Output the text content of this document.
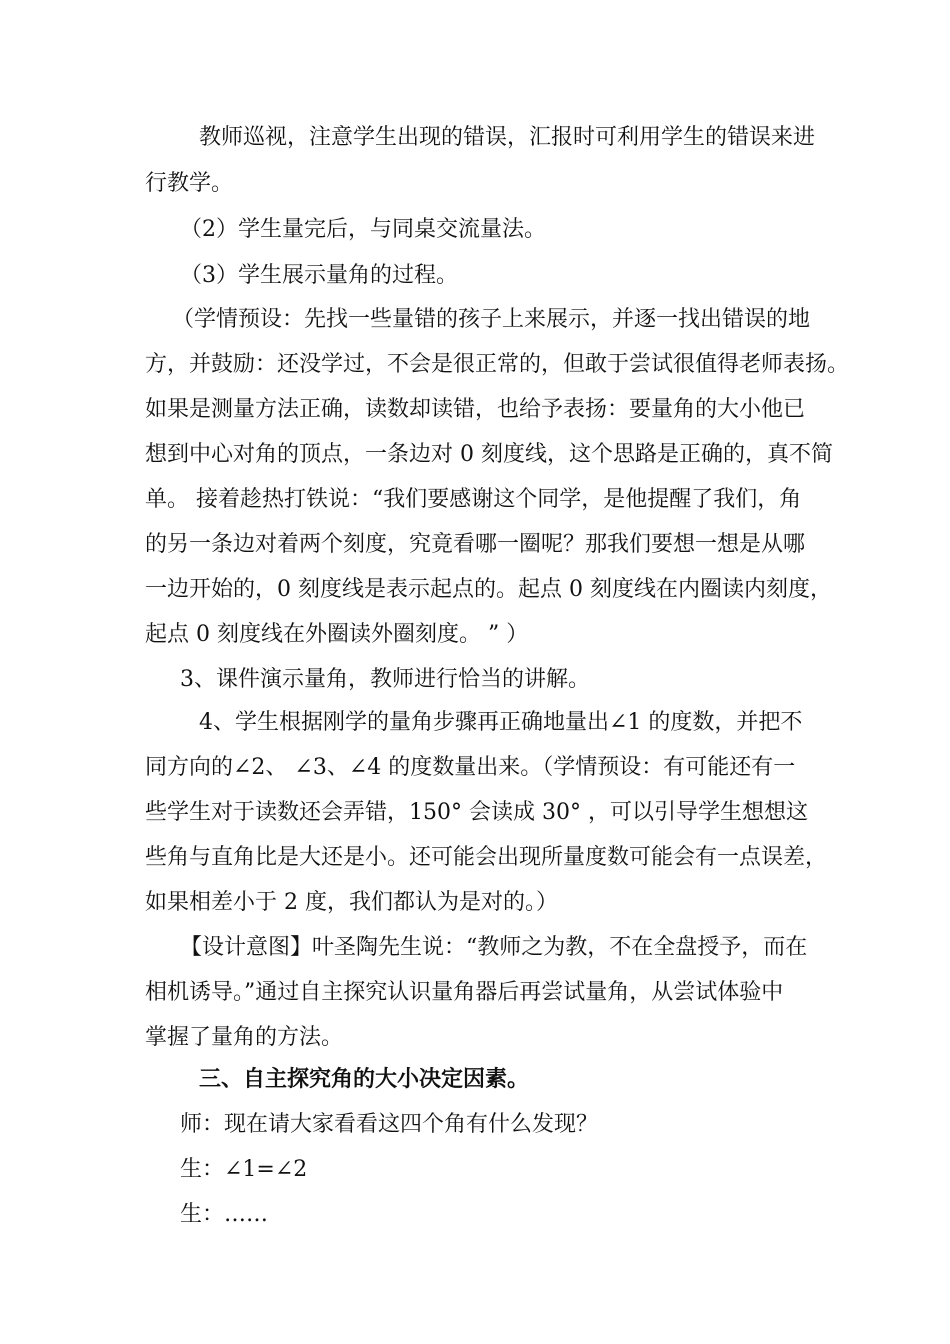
教师巡视，注意学生出现的错误，汇报时可利用学生的错误来进
行教学。
（2）学生量完后，与同桌交流量法。
（3）学生展示量角的过程。
（学情预设：先找一些量错的孩子上来展示，并逐一找出错误的地
方，并鼓励：还没学过，不会是很正常的，但敢于尝试很值得老师表扬。
如果是测量方法正确，读数却读错，也给予表扬：要量角的大小他已
想到中心对角的顶点，一条边对 0 刻度线，这个思路是正确的，真不简
单。 接着趁热打铁说：“我们要感谢这个同学，是他提醒了我们，角
的另一条边对着两个刻度，究竟看哪一圈呢？那我们要想一想是从哪
一边开始的，0 刻度线是表示起点的。起点 0 刻度线在内圈读内刻度，
起点 0 刻度线在外圈读外圈刻度。 ” ）
3、课件演示量角，教师进行恰当的讲解。
4、学生根据刚学的量角步骤再正确地量出∠1 的度数，并把不
同方向的∠2、 ∠3、∠4 的度数量出来。（学情预设：有可能还有一
些学生对于读数还会弄错，150° 会读成 30° ，可以引导学生想想这
些角与直角比是大还是小。还可能会出现所量度数可能会有一点误差，
如果相差小于 2 度，我们都认为是对的。）
【设计意图】叶圣陶先生说：“教师之为教，不在全盘授予，而在
相机诱导。”通过自主探究认识量角器后再尝试量角，从尝试体验中
掌握了量角的方法。
三、自主探究角的大小决定因素。
师：现在请大家看看这四个角有什么发现？
生：∠1=∠2
生：……
